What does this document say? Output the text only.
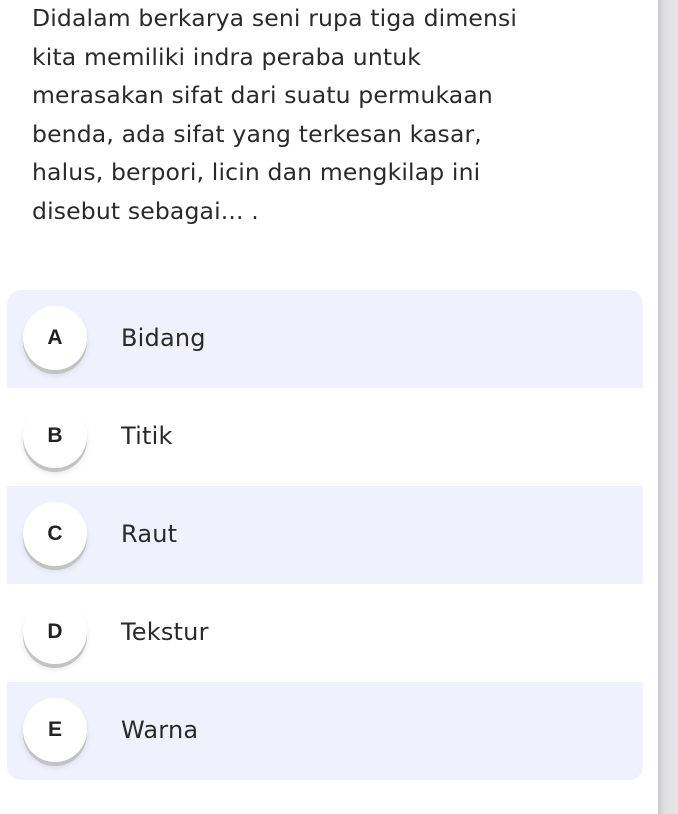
Didalam berkarya seni rupa tiga dimensi
kita memiliki indra peraba untuk
merasakan sifat dari suatu permukaan
benda, ada sifat yang terkesan kasar,
halus, berpori, licin dan mengkilap ini
disebut sebagai... .

A	Bidang
B	Titik
C	Raut
D	Tekstur
E	Warna
